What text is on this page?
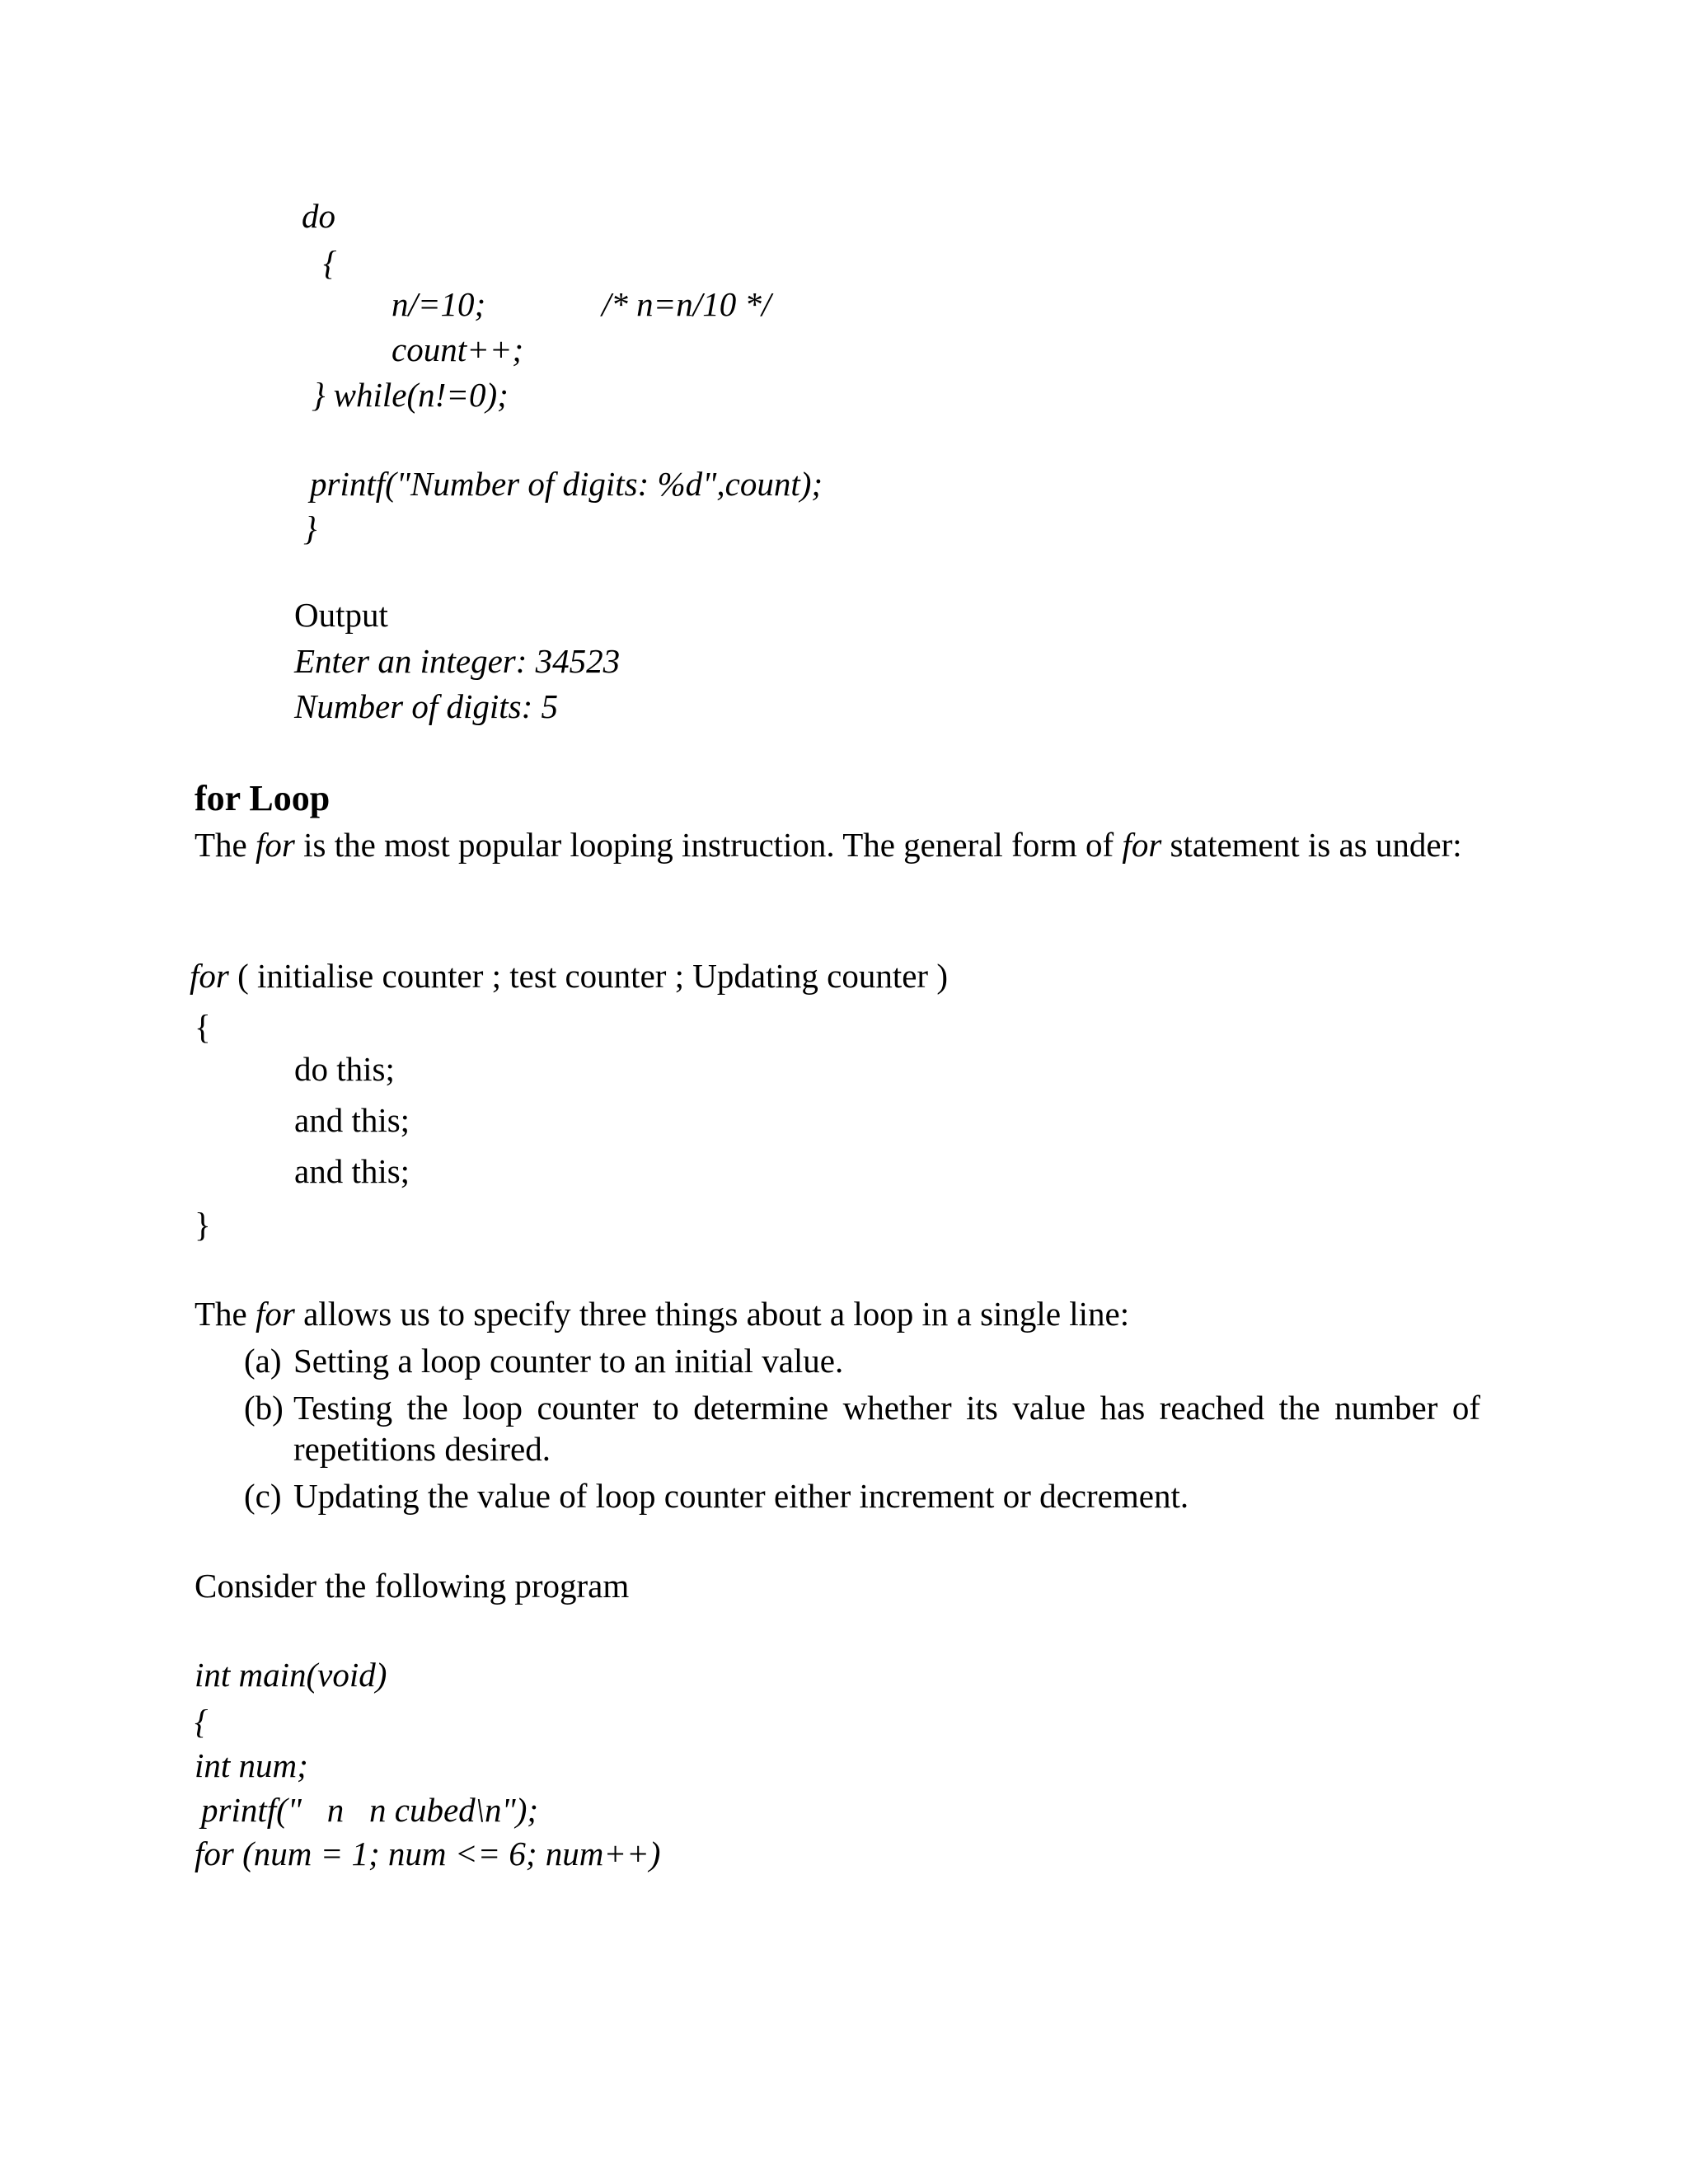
do
{
n/=10;	/* n=n/10 */
count++;
} while(n!=0);
printf("Number of digits: %d",count);
}
Output
Enter an integer: 34523
Number of digits: 5
for Loop

The for is the most popular looping instruction. The general form of for statement is as under:

for ( initialise counter ; test counter ; Updating counter )
{
do this;
and this;
and this;
}
The for allows us to specify three things about a loop in a single line:
(a) Setting a loop counter to an initial value.
(b) Testing the loop counter to determine whether its value has reached the number of repetitions desired.
(c) Updating the value of loop counter either increment or decrement.
Consider the following program
int main(void)
{
int num;
printf("   n   n cubed\n");
for (num = 1; num <= 6; num++)
